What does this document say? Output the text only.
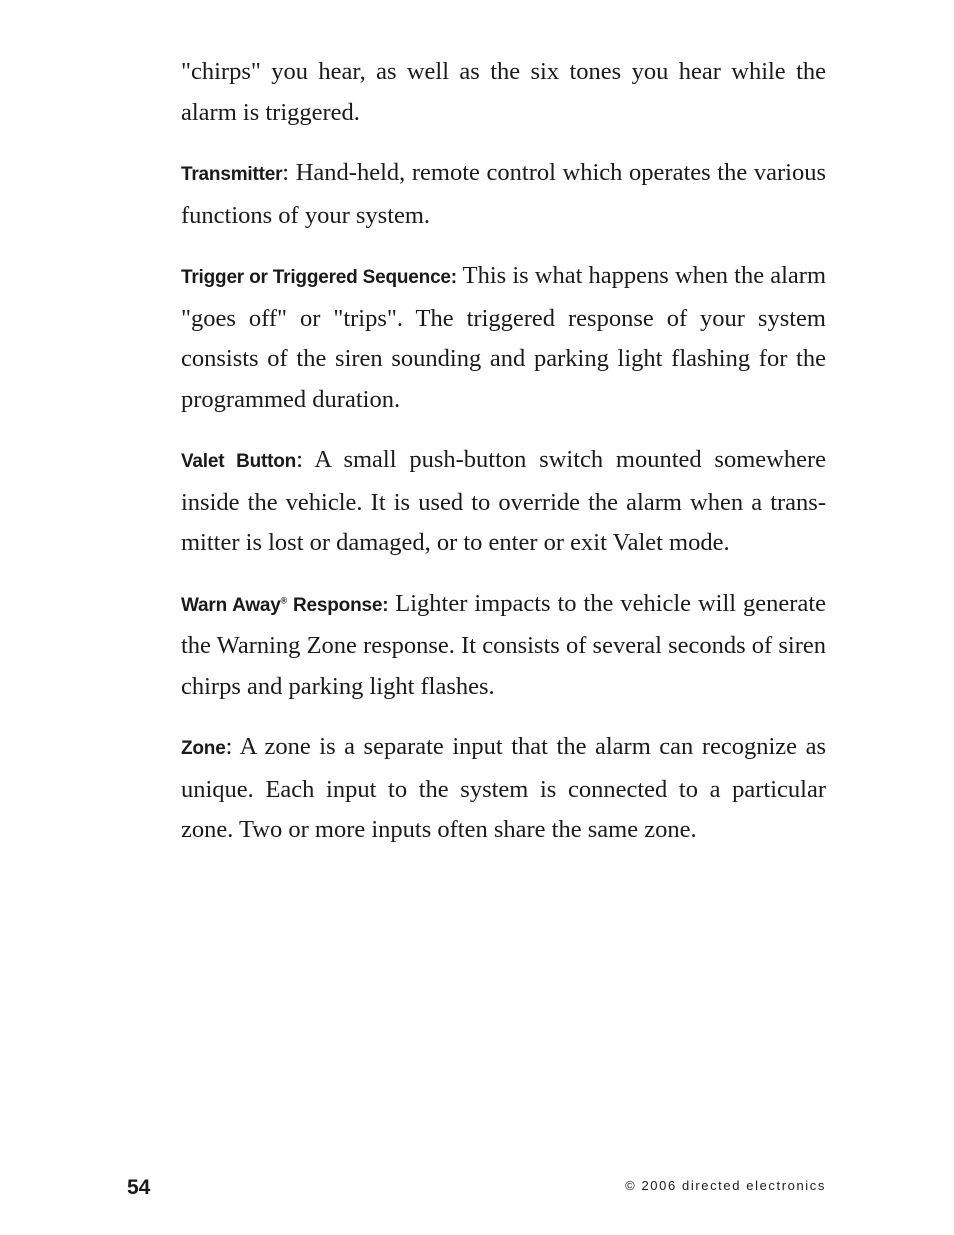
"chirps" you hear, as well as the six tones you hear while the alarm is triggered.

Transmitter: Hand-held, remote control which operates the various functions of your system.

Trigger or Triggered Sequence: This is what happens when the alarm "goes off" or "trips". The triggered response of your system consists of the siren sounding and parking light flashing for the programmed duration.

Valet Button: A small push-button switch mounted somewhere inside the vehicle. It is used to override the alarm when a trans-mitter is lost or damaged, or to enter or exit Valet mode.

Warn Away® Response: Lighter impacts to the vehicle will generate the Warning Zone response. It consists of several seconds of siren chirps and parking light flashes.

Zone: A zone is a separate input that the alarm can recognize as unique. Each input to the system is connected to a particular zone. Two or more inputs often share the same zone.

54	© 2006 directed electronics
